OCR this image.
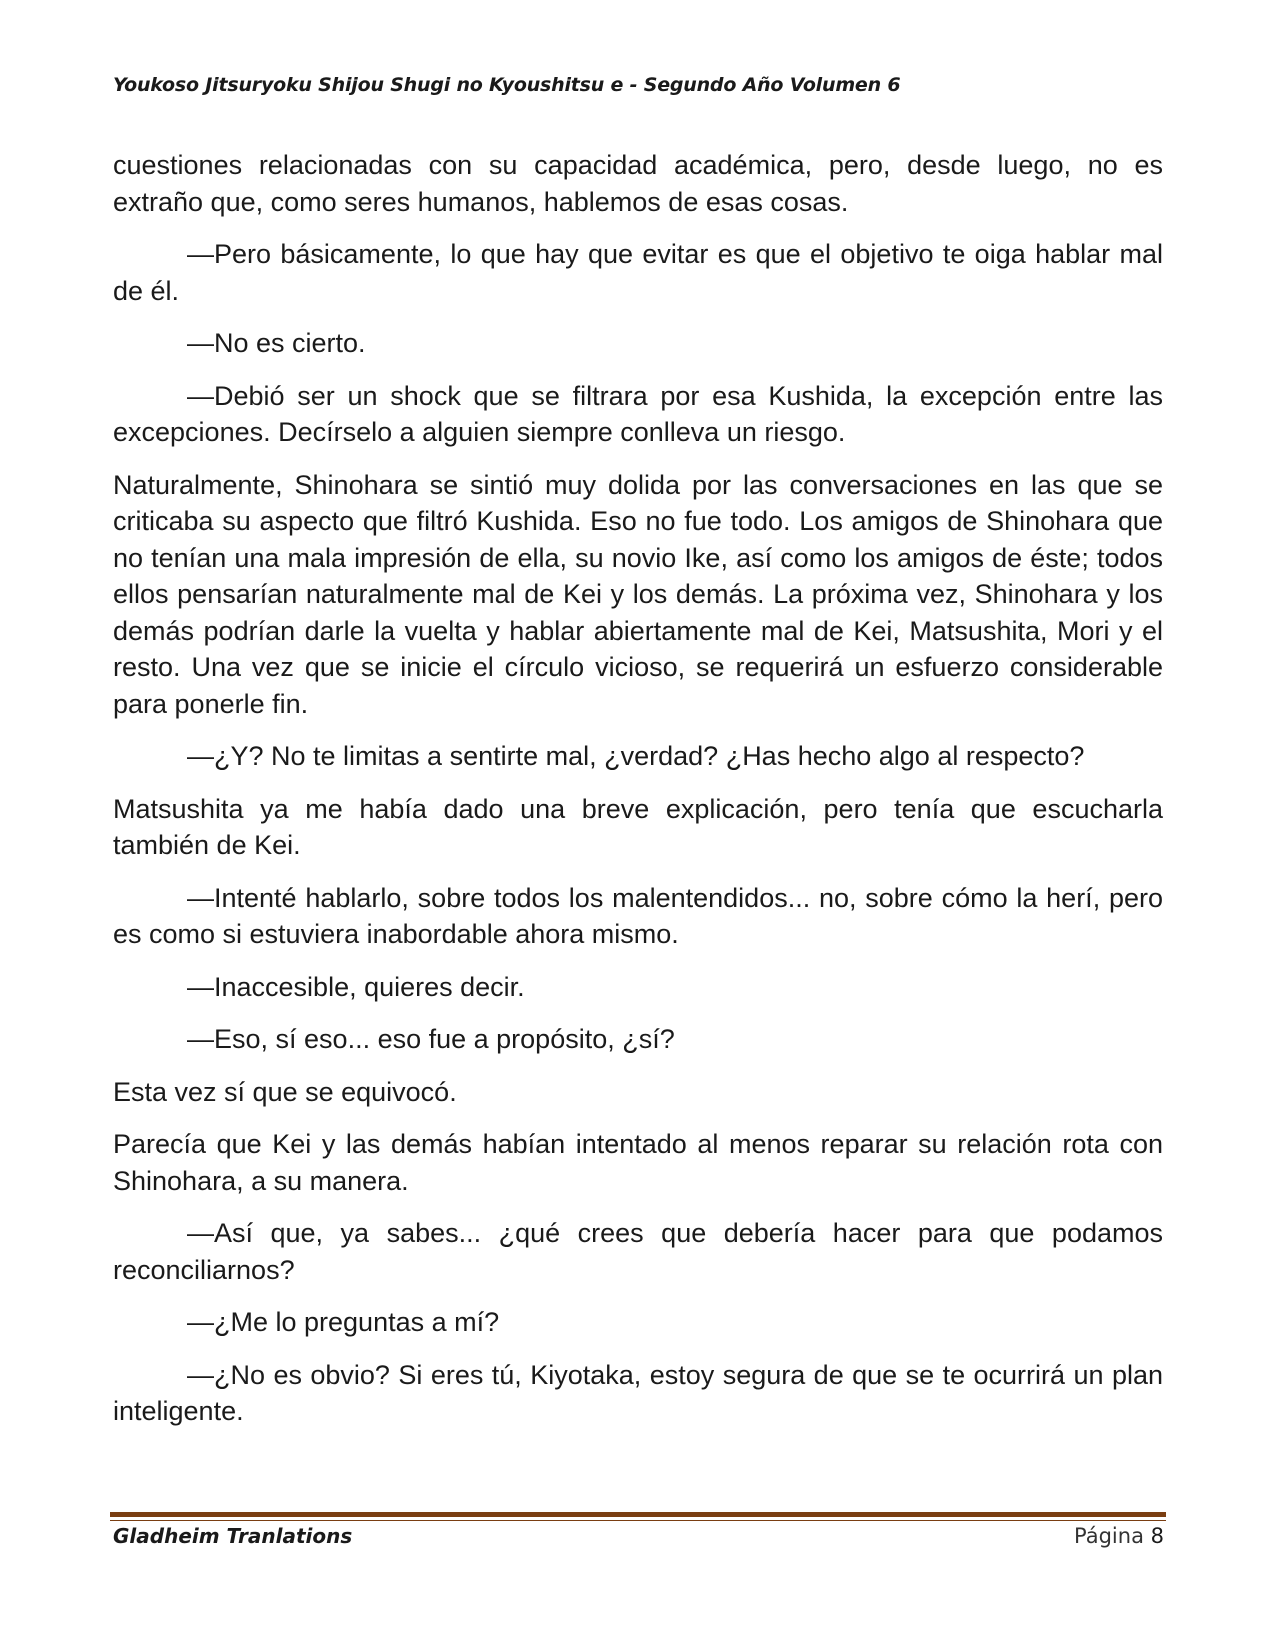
Youkoso Jitsuryoku Shijou Shugi no Kyoushitsu e - Segundo Año Volumen 6

cuestiones relacionadas con su capacidad académica, pero, desde luego, no es extraño que, como seres humanos, hablemos de esas cosas.

—Pero básicamente, lo que hay que evitar es que el objetivo te oiga hablar mal de él.

—No es cierto.

—Debió ser un shock que se filtrara por esa Kushida, la excepción entre las excepciones. Decírselo a alguien siempre conlleva un riesgo.

Naturalmente, Shinohara se sintió muy dolida por las conversaciones en las que se criticaba su aspecto que filtró Kushida. Eso no fue todo. Los amigos de Shinohara que no tenían una mala impresión de ella, su novio Ike, así como los amigos de éste; todos ellos pensarían naturalmente mal de Kei y los demás. La próxima vez, Shinohara y los demás podrían darle la vuelta y hablar abiertamente mal de Kei, Matsushita, Mori y el resto. Una vez que se inicie el círculo vicioso, se requerirá un esfuerzo considerable para ponerle fin.

—¿Y? No te limitas a sentirte mal, ¿verdad? ¿Has hecho algo al respecto?

Matsushita ya me había dado una breve explicación, pero tenía que escucharla también de Kei.

—Intenté hablarlo, sobre todos los malentendidos... no, sobre cómo la herí, pero es como si estuviera inabordable ahora mismo.

—Inaccesible, quieres decir.

—Eso, sí eso... eso fue a propósito, ¿sí?

Esta vez sí que se equivocó.

Parecía que Kei y las demás habían intentado al menos reparar su relación rota con Shinohara, a su manera.

—Así que, ya sabes... ¿qué crees que debería hacer para que podamos reconciliarnos?

—¿Me lo preguntas a mí?

—¿No es obvio? Si eres tú, Kiyotaka, estoy segura de que se te ocurrirá un plan inteligente.

Gladheim Tranlations	Página 8
